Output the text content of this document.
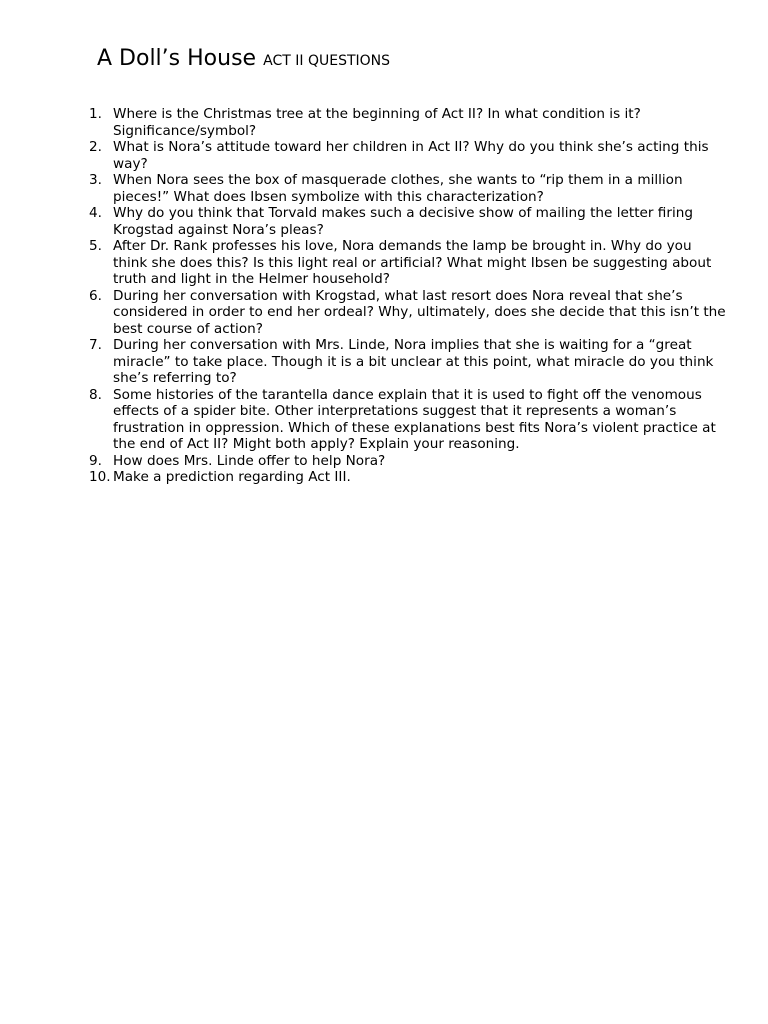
A Doll’s House ACT II QUESTIONS
1. Where is the Christmas tree at the beginning of Act II? In what condition is it? Significance/symbol?
2. What is Nora’s attitude toward her children in Act II? Why do you think she’s acting this way?
3. When Nora sees the box of masquerade clothes, she wants to “rip them in a million pieces!” What does Ibsen symbolize with this characterization?
4. Why do you think that Torvald makes such a decisive show of mailing the letter firing Krogstad against Nora’s pleas?
5. After Dr. Rank professes his love, Nora demands the lamp be brought in. Why do you think she does this? Is this light real or artificial? What might Ibsen be suggesting about truth and light in the Helmer household?
6. During her conversation with Krogstad, what last resort does Nora reveal that she’s considered in order to end her ordeal? Why, ultimately, does she decide that this isn’t the best course of action?
7. During her conversation with Mrs. Linde, Nora implies that she is waiting for a “great miracle” to take place. Though it is a bit unclear at this point, what miracle do you think she’s referring to?
8. Some histories of the tarantella dance explain that it is used to fight off the venomous effects of a spider bite. Other interpretations suggest that it represents a woman’s frustration in oppression. Which of these explanations best fits Nora’s violent practice at the end of Act II? Might both apply? Explain your reasoning.
9. How does Mrs. Linde offer to help Nora?
10. Make a prediction regarding Act III.
